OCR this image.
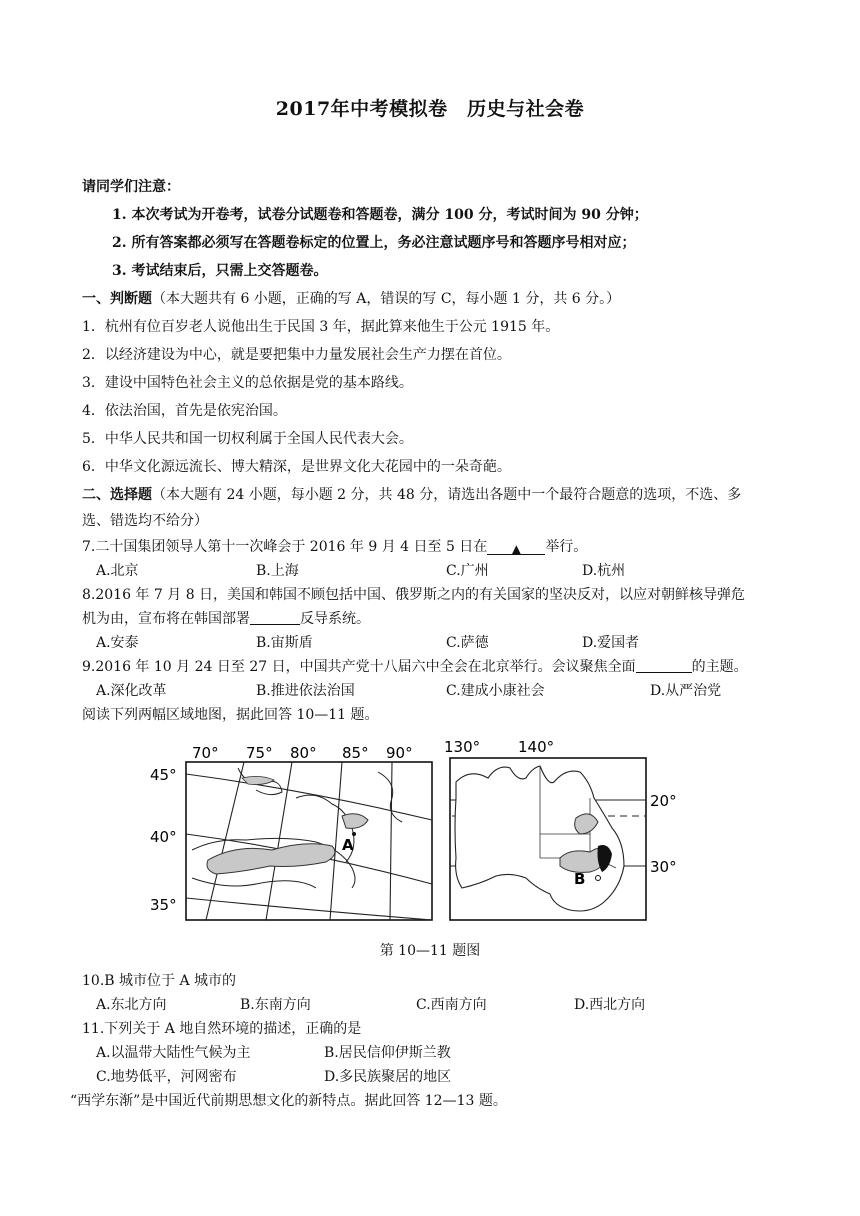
2017年中考模拟卷　历史与社会卷
请同学们注意：
1. 本次考试为开卷考，试卷分试题卷和答题卷，满分 100 分，考试时间为 90 分钟；
2. 所有答案都必须写在答题卷标定的位置上，务必注意试题序号和答题序号相对应；
3. 考试结束后，只需上交答题卷。
一、判断题（本大题共有 6 小题，正确的写 A，错误的写 C，每小题 1 分，共 6 分。）
1．杭州有位百岁老人说他出生于民国 3 年，据此算来他生于公元 1915 年。
2．以经济建设为中心，就是要把集中力量发展社会生产力摆在首位。
3．建设中国特色社会主义的总依据是党的基本路线。
4．依法治国，首先是依宪治国。
5．中华人民共和国一切权利属于全国人民代表大会。
6．中华文化源远流长、博大精深，是世界文化大花园中的一朵奇葩。
二、选择题（本大题有 24 小题，每小题 2 分，共 48 分，请选出各题中一个最符合题意的选项，不选、多
选、错选均不给分）
7.二十国集团领导人第十一次峰会于 2016 年 9 月 4 日至 5 日在 ▲ 举行。
A.北京	B.上海	C.广州	D.杭州
8.2016 年 7 月 8 日，美国和韩国不顾包括中国、俄罗斯之内的有关国家的坚决反对，以应对朝鲜核导弹危
机为由，宣布将在韩国部署	反导系统。
A.安泰	B.宙斯盾	C.萨德	D.爱国者
9.2016 年 10 月 24 日至 27 日，中国共产党十八届六中全会在北京举行。会议聚焦全面	的主题。
A.深化改革	B.推进依法治国	C.建成小康社会	D.从严治党
阅读下列两幅区域地图，据此回答 10—11 题。
70° 75° 80° 85° 90°
45°
40°
35°
A
130°	140°
20°
30°
B
第 10—11 题图
10.B 城市位于 A 城市的
A.东北方向	B.东南方向	C.西南方向	D.西北方向
11.下列关于 A 地自然环境的描述，正确的是
A.以温带大陆性气候为主	B.居民信仰伊斯兰教
C.地势低平，河网密布	D.多民族聚居的地区
“西学东渐”是中国近代前期思想文化的新特点。据此回答 12—13 题。
